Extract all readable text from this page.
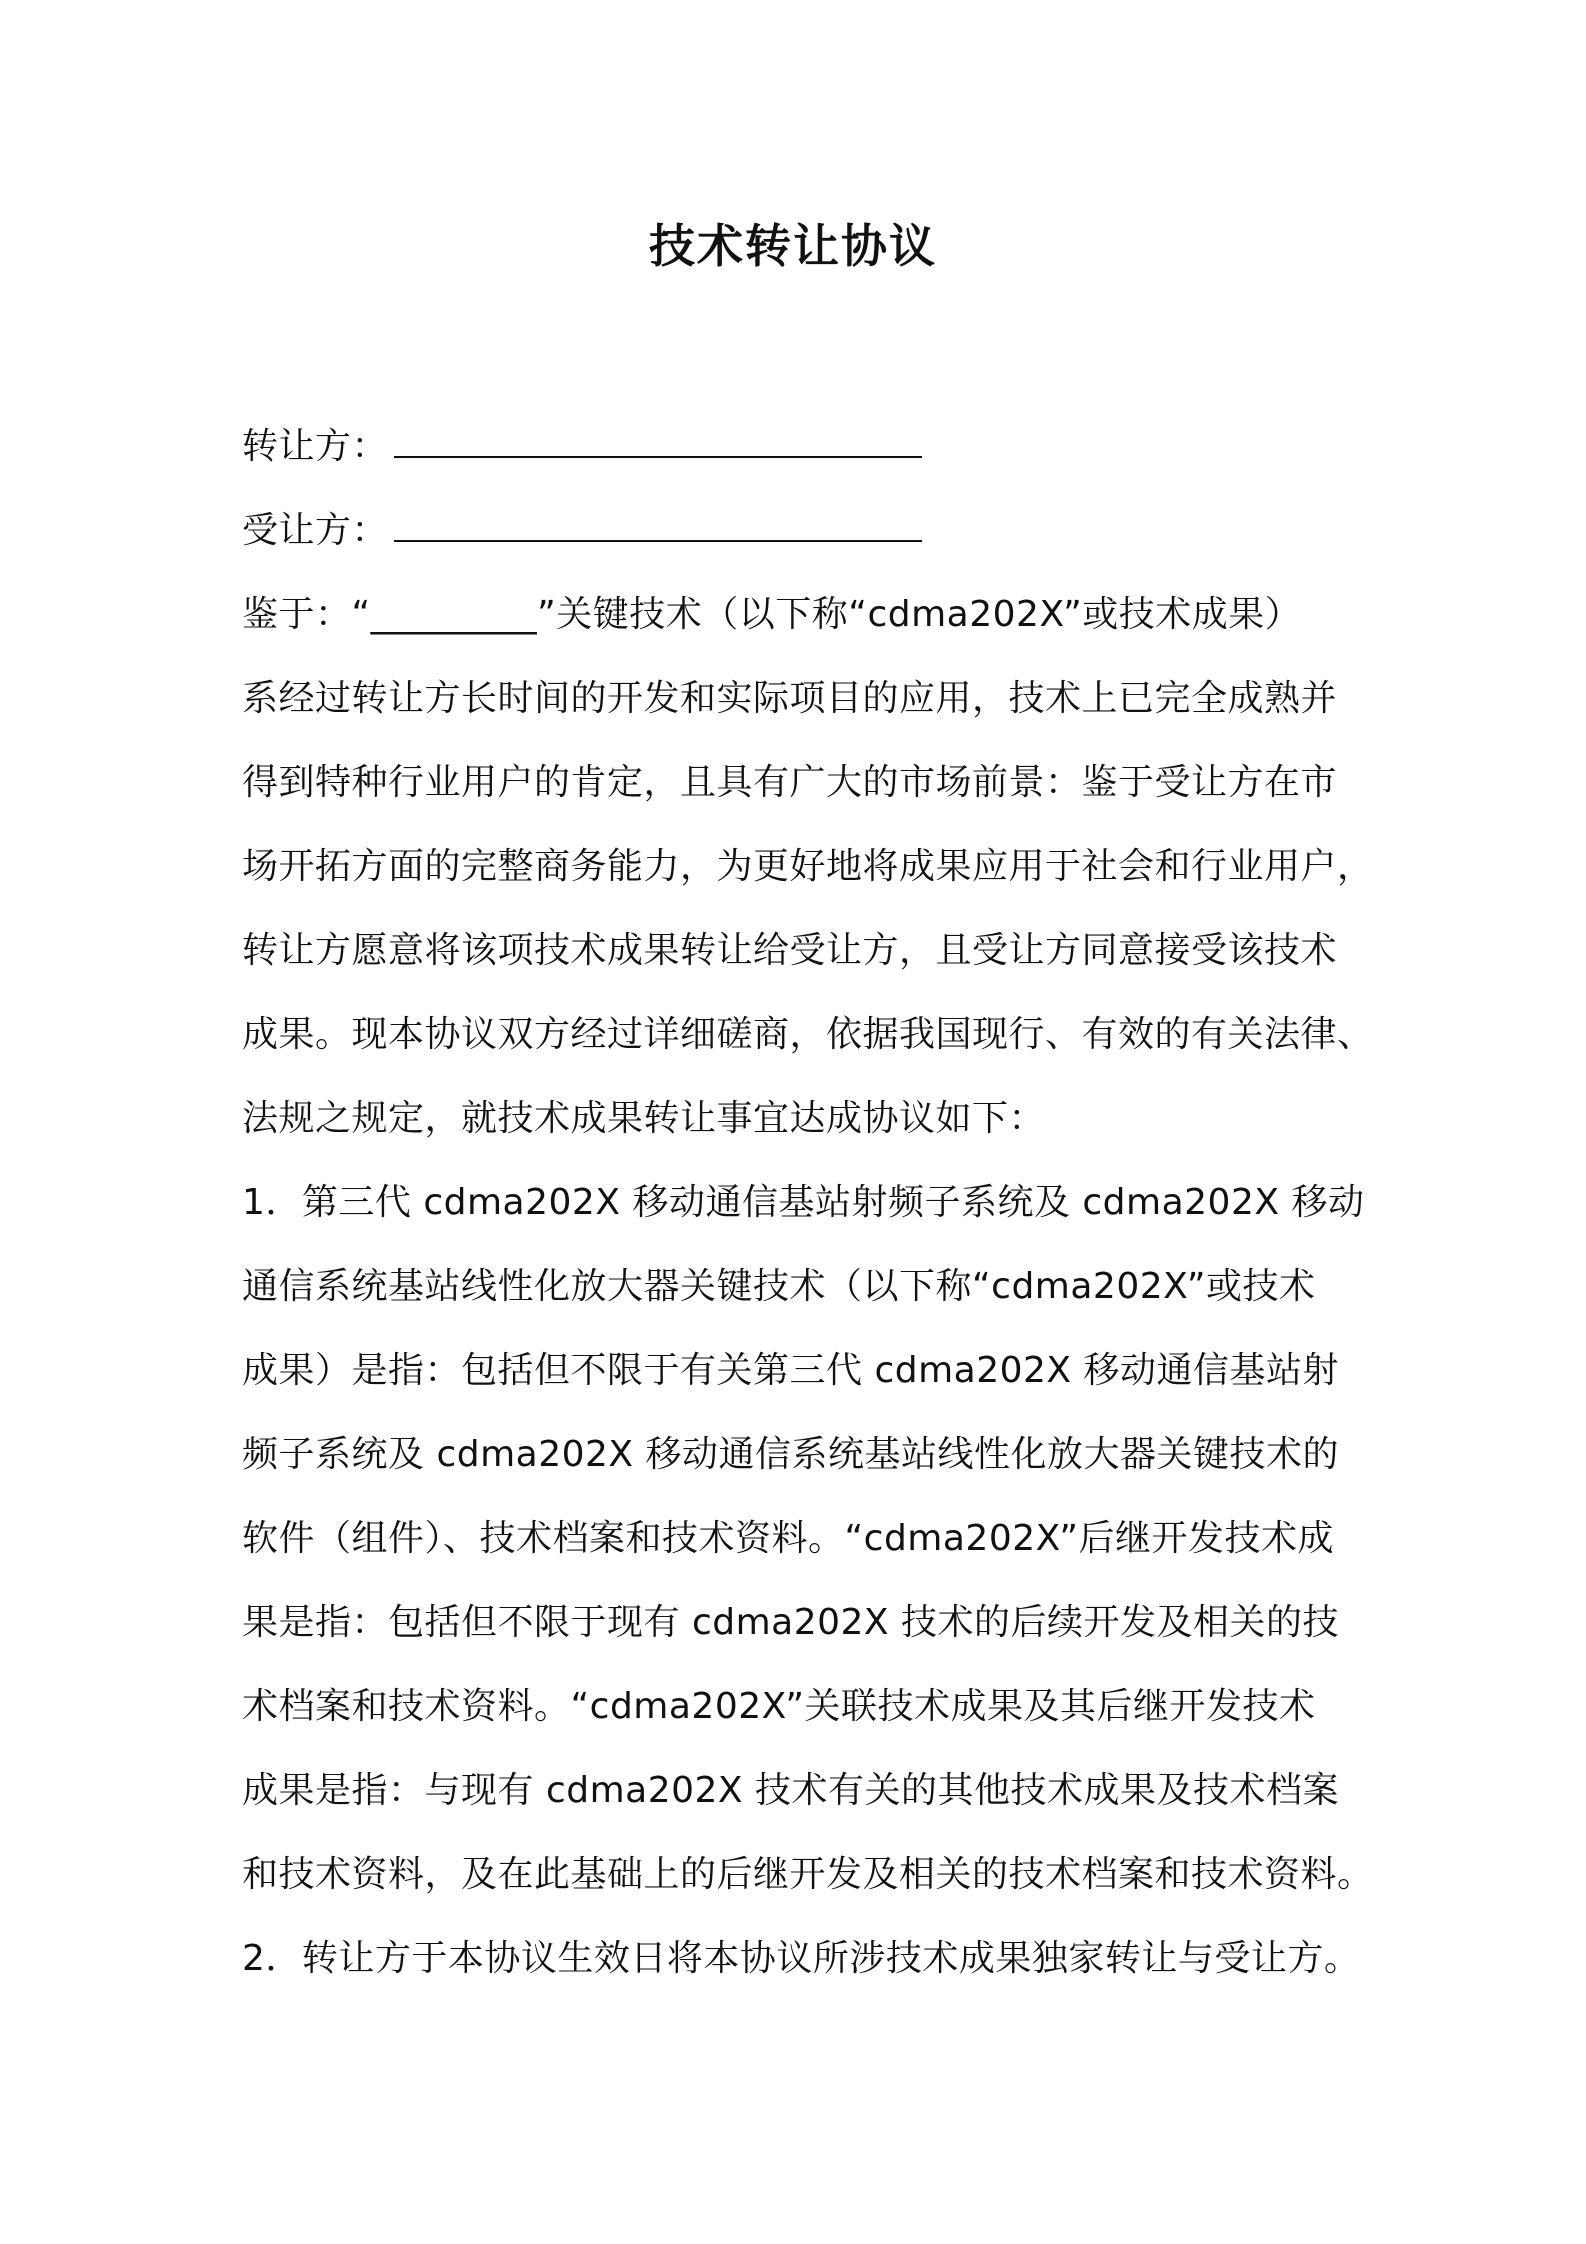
技术转让协议
转让方：
受让方：
鉴于：“_________”关键技术（以下称“cdma202X”或技术成果）
系经过转让方长时间的开发和实际项目的应用，技术上已完全成熟并
得到特种行业用户的肯定，且具有广大的市场前景：鉴于受让方在市
场开拓方面的完整商务能力，为更好地将成果应用于社会和行业用户，
转让方愿意将该项技术成果转让给受让方，且受让方同意接受该技术
成果。现本协议双方经过详细磋商，依据我国现行、有效的有关法律、
法规之规定，就技术成果转让事宜达成协议如下：
1．第三代 cdma202X 移动通信基站射频子系统及 cdma202X 移动
通信系统基站线性化放大器关键技术（以下称“cdma202X”或技术
成果）是指：包括但不限于有关第三代 cdma202X 移动通信基站射
频子系统及 cdma202X 移动通信系统基站线性化放大器关键技术的
软件（组件）、技术档案和技术资料。“cdma202X”后继开发技术成
果是指：包括但不限于现有 cdma202X 技术的后续开发及相关的技
术档案和技术资料。“cdma202X”关联技术成果及其后继开发技术
成果是指：与现有 cdma202X 技术有关的其他技术成果及技术档案
和技术资料，及在此基础上的后继开发及相关的技术档案和技术资料。
2．转让方于本协议生效日将本协议所涉技术成果独家转让与受让方。
